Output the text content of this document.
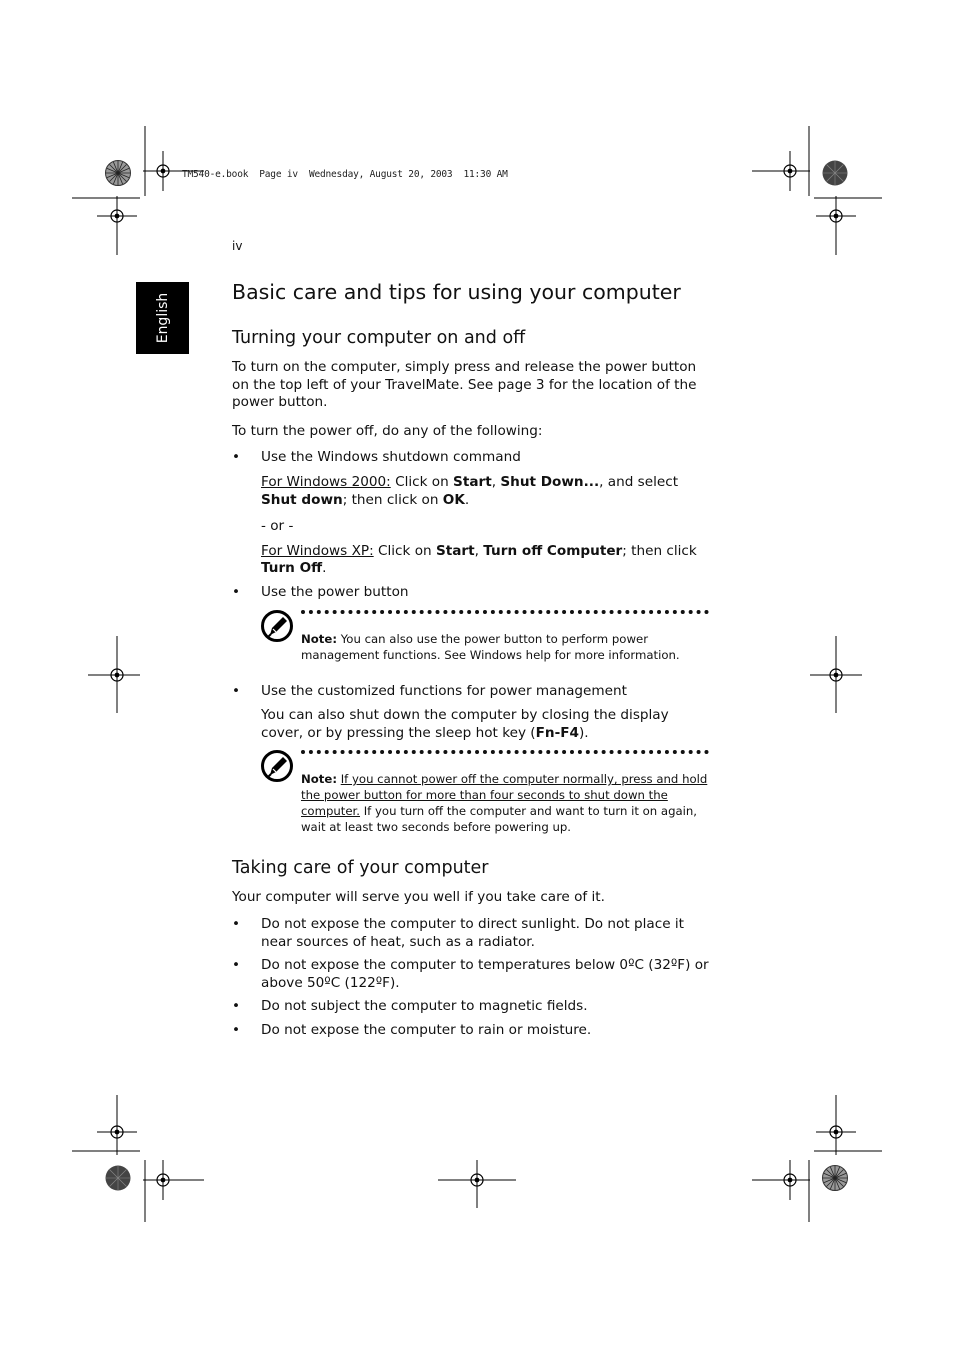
TM540-e.book  Page iv  Wednesday, August 20, 2003  11:30 AM
iv
English
Basic care and tips for using your computer
Turning your computer on and off

To turn on the computer, simply press and release the power button on the top left of your TravelMate. See page 3 for the location of the power button.

To turn the power off, do any of the following:

• Use the Windows shutdown command

For Windows 2000: Click on Start, Shut Down..., and select Shut down; then click on OK.

- or -

For Windows XP: Click on Start, Turn off Computer; then click Turn Off.

• Use the power button

Note: You can also use the power button to perform power management functions. See Windows help for more information.

• Use the customized functions for power management

You can also shut down the computer by closing the display cover, or by pressing the sleep hot key (Fn-F4).

Note: If you cannot power off the computer normally, press and hold the power button for more than four seconds to shut down the computer. If you turn off the computer and want to turn it on again, wait at least two seconds before powering up.

Taking care of your computer

Your computer will serve you well if you take care of it.

• Do not expose the computer to direct sunlight. Do not place it near sources of heat, such as a radiator.
• Do not expose the computer to temperatures below 0ºC (32ºF) or above 50ºC (122ºF).
• Do not subject the computer to magnetic fields.
• Do not expose the computer to rain or moisture.
